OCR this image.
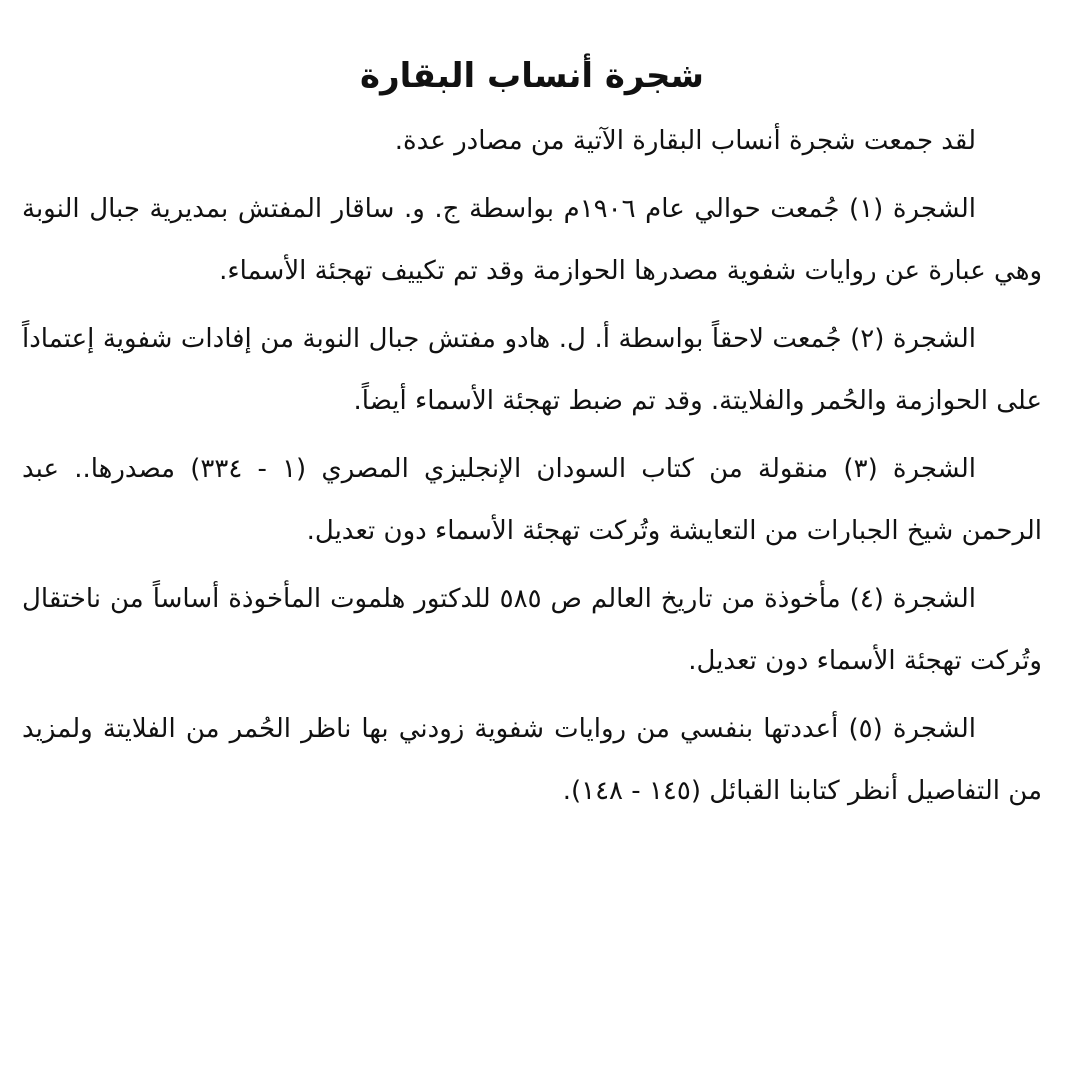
شجرة أنساب البقارة

لقد جمعت شجرة أنساب البقارة الآتية من مصادر عدة.

الشجرة (١) جُمعت حوالي عام ١٩٠٦م بواسطة ج. و. ساقار المفتش بمديرية جبال النوبة وهي عبارة عن روايات شفوية مصدرها الحوازمة وقد تم تكييف تهجئة الأسماء.

الشجرة (٢) جُمعت لاحقاً بواسطة أ. ل. هادو مفتش جبال النوبة من إفادات شفوية إعتماداً على الحوازمة والحُمر والفلايتة. وقد تم ضبط تهجئة الأسماء أيضاً.

الشجرة (٣) منقولة من كتاب السودان الإنجليزي المصري (١ - ٣٣٤) مصدرها.. عبد الرحمن شيخ الجبارات من التعايشة وتُركت تهجئة الأسماء دون تعديل.

الشجرة (٤) مأخوذة من تاريخ العالم ص ٥٨٥ للدكتور هلموت المأخوذة أساساً من ناختقال وتُركت تهجئة الأسماء دون تعديل.

الشجرة (٥) أعددتها بنفسي من روايات شفوية زودني بها ناظر الحُمر من الفلايتة ولمزيد من التفاصيل أنظر كتابنا القبائل (١٤٥ - ١٤٨).
